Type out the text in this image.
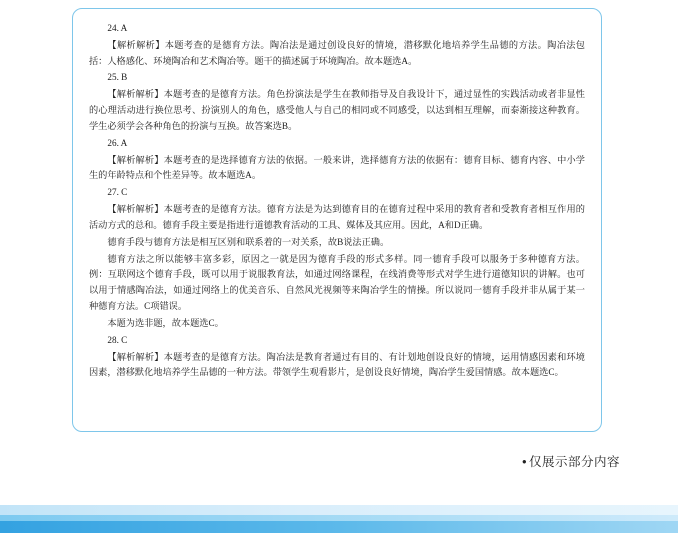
24. A
【解析解析】本题考查的是德育方法。陶冶法是通过创设良好的情境，潜移默化地培养学生品德的方法。陶冶法包括：人格感化、环境陶冶和艺术陶冶等。题干的描述属于环境陶冶。故本题选A。
25. B
【解析解析】本题考查的是德育方法。角色扮演法是学生在教师指导及自我设计下，通过显性的实践活动或者非显性的心理活动进行换位思考、扮演别人的角色，感受他人与自己的相同或不同感受，以达到相互理解，而泰渐接这种教育。学生必须学会各种角色的扮演与互换。故答案选B。
26. A
【解析解析】本题考查的是选择德育方法的依据。一般来讲，选择德育方法的依据有：德育目标、德育内容、中小学生的年龄特点和个性差异等。故本题选A。
27. C
【解析解析】本题考查的是德育方法。德育方法是为达到德育目的在德育过程中采用的教育者和受教育者相互作用的活动方式的总和。德育手段主要是指进行道德教育活动的工具、媒体及其应用。因此，A和D正确。
德育手段与德育方法是相互区别和联系着的一对关系，故B说法正确。
德育方法之所以能够丰富多彩，原因之一就是因为德育手段的形式多样。同一德育手段可以服务于多种德育方法。例：互联网这个德育手段，既可以用于说服教育法，如通过网络课程，在线消费等形式对学生进行道德知识的讲解。也可以用于情感陶冶法，如通过网络上的优美音乐、自然风光视频等来陶冶学生的情操。所以说同一德育手段并非从属于某一种德育方法。C项错误。
本题为选非题，故本题选C。
28. C
【解析解析】本题考查的是德育方法。陶冶法是教育者通过有目的、有计划地创设良好的情境，运用情感因素和环境因素，潜移默化地培养学生品德的一种方法。带领学生观看影片，是创设良好情境，陶冶学生爱国情感。故本题选C。
• 仅展示部分内容
